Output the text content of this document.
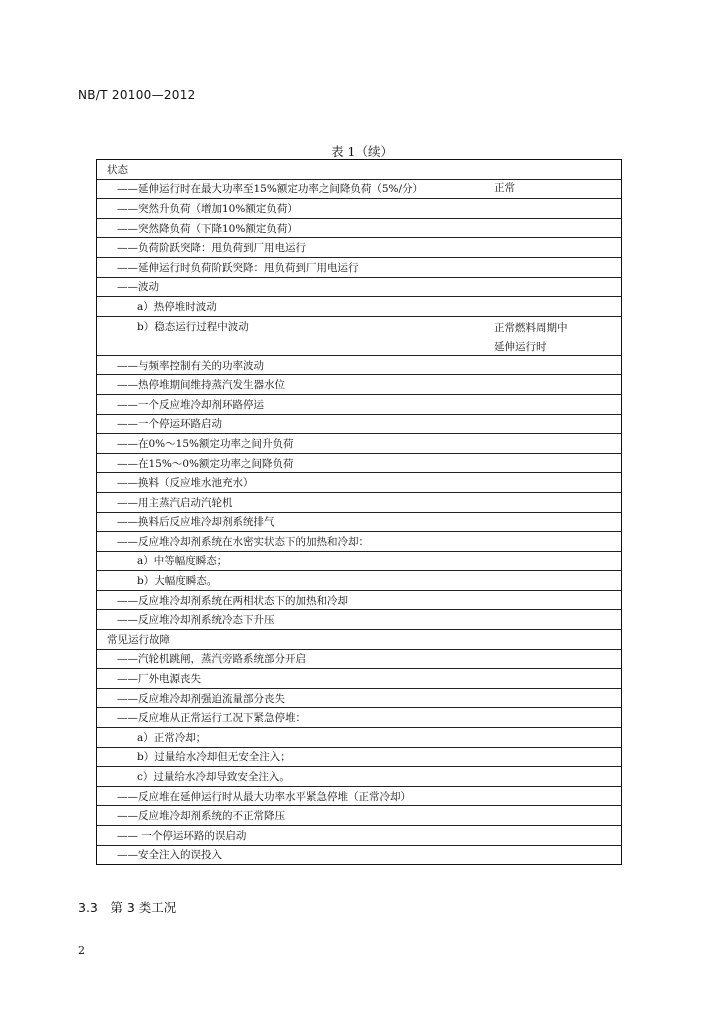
NB/T 20100—2012
表 1（续）
状态
——延伸运行时在最大功率至15%额定功率之间降负荷（5%/分）	正常
——突然升负荷（增加10%额定负荷）
——突然降负荷（下降10%额定负荷）
——负荷阶跃突降：甩负荷到厂用电运行
——延伸运行时负荷阶跃突降：甩负荷到厂用电运行
——波动
a）热停堆时波动
b）稳态运行过程中波动	正常燃料周期中
延伸运行时
——与频率控制有关的功率波动
——热停堆期间维持蒸汽发生器水位
——一个反应堆冷却剂环路停运
——一个停运环路启动
——在0%～15%额定功率之间升负荷
——在15%～0%额定功率之间降负荷
——换料（反应堆水池充水）
——用主蒸汽启动汽轮机
——换料后反应堆冷却剂系统排气
——反应堆冷却剂系统在水密实状态下的加热和冷却：
a）中等幅度瞬态；
b）大幅度瞬态。
——反应堆冷却剂系统在两相状态下的加热和冷却
——反应堆冷却剂系统冷态下升压
常见运行故障
——汽轮机跳闸，蒸汽旁路系统部分开启
——厂外电源丧失
——反应堆冷却剂强迫流量部分丧失
——反应堆从正常运行工况下紧急停堆：
a）正常冷却；
b）过量给水冷却但无安全注入；
c）过量给水冷却导致安全注入。
——反应堆在延伸运行时从最大功率水平紧急停堆（正常冷却）
——反应堆冷却剂系统的不正常降压
—— 一个停运环路的误启动
——安全注入的误投入
3.3　第 3 类工况
2
